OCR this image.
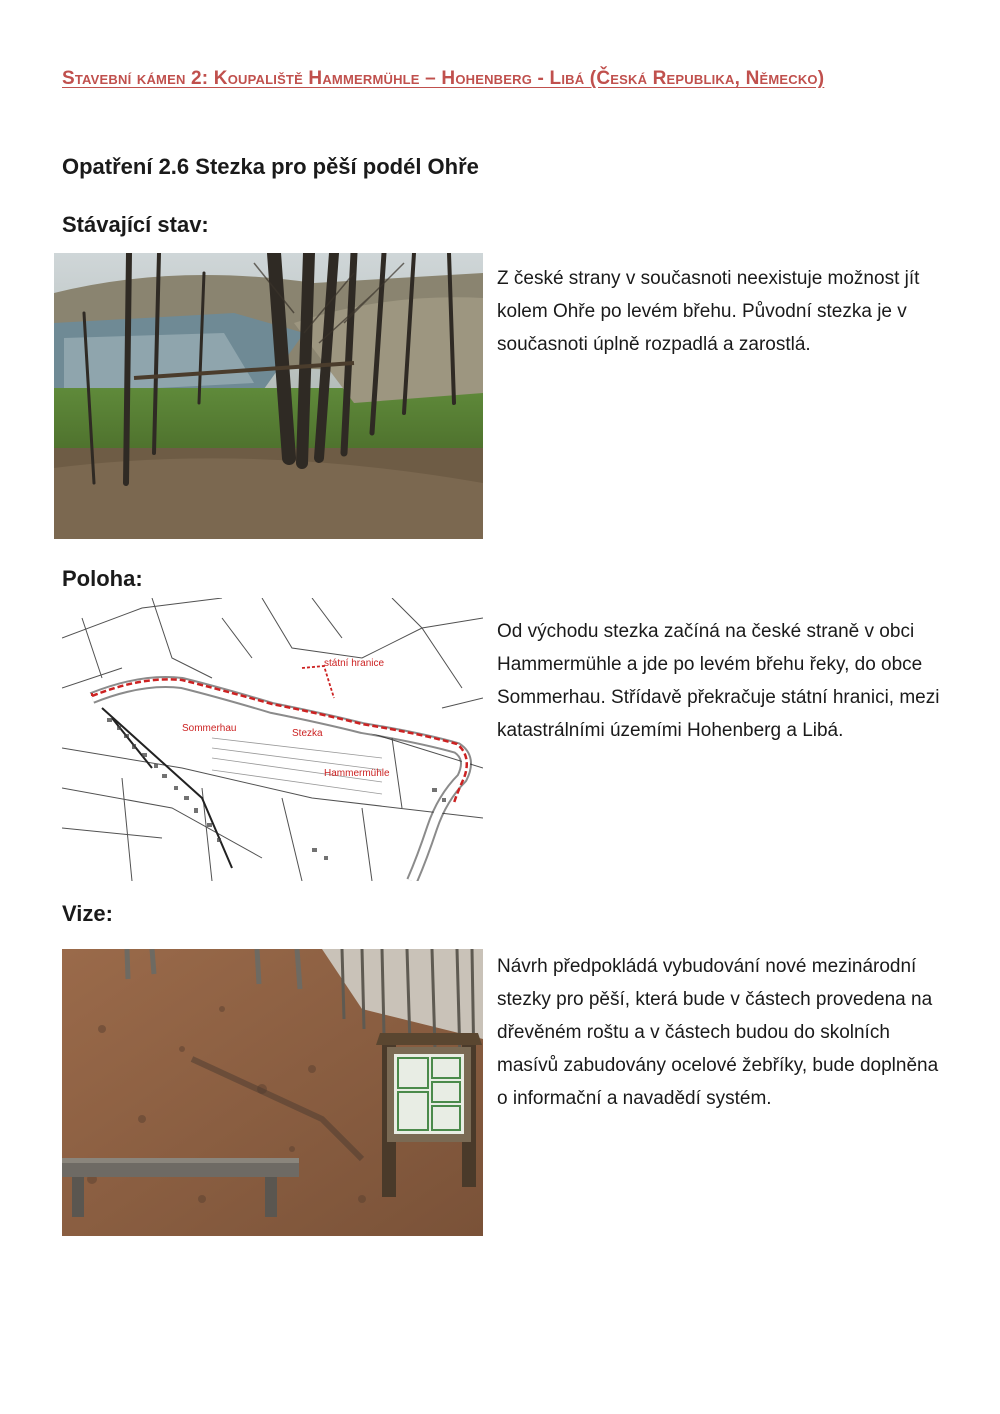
Stavební kámen 2: Koupaliště Hammermühle – Hohenberg - Libá (Česká Republika, Německo)
Opatření 2.6 Stezka pro pěší podél Ohře
Stávající stav:
Z české strany v současnoti neexistuje možnost jít kolem Ohře po levém břehu. Původní stezka je v současnoti úplně rozpadlá a zarostlá.
Poloha:
státní hranice
Sommerhau	Stezka
Hammermühle
Od východu stezka začíná na české straně v obci Hammermühle a jde po levém břehu řeky, do obce Sommerhau. Střídavě překračuje státní hranici, mezi katastrálními územími Hohenberg a Libá.
Vize:
Návrh předpokládá vybudování nové mezinárodní stezky pro pěší, která bude v částech provedena na dřevěném roštu a v částech budou do skolních masívů zabudovány ocelové žebříky, bude doplněna o informační a navadědí systém.
